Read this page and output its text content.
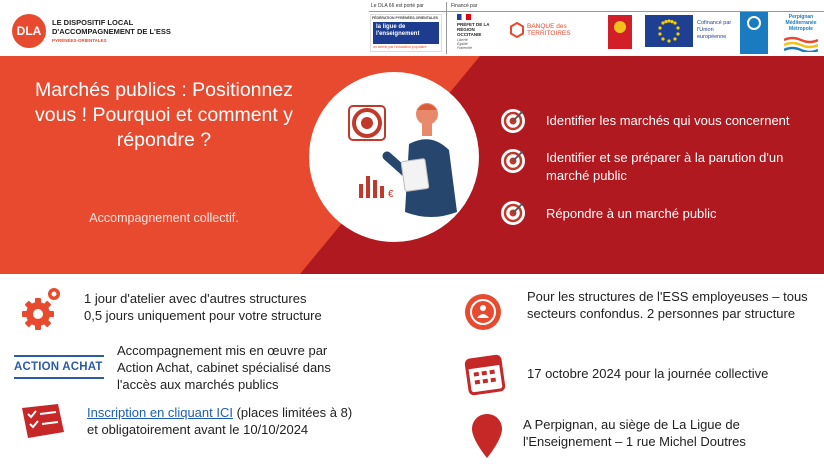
DLA
LE DISPOSITIF LOCAL D'ACCOMPAGNEMENT DE L'ESS
PYRÉNÉES-ORIENTALES
Le DLA 66 est porté par	Financé par
FÉDÉRATION PYRÉNÉES-ORIENTALES
la ligue de l'enseignement
un avenir par l'éducation populaire
PRÉFET DE LA RÉGION OCCITANIE
Liberté Égalité Fraternité
BANQUE des TERRITOIRES
Cofinancé par l'Union européenne
Perpignan Méditerranée Métropole
Marchés publics : Positionnez vous ! Pourquoi et comment y répondre ?
Accompagnement collectif.
€
Identifier les marchés qui vous concernent
Identifier et se préparer à la parution d'un marché public
Répondre à un marché public
1 jour d'atelier avec d'autres structures
0,5 jours uniquement pour votre structure
ACTION ACHAT
Accompagnement mis en œuvre par Action Achat, cabinet spécialisé dans l'accès aux marchés publics
Inscription en cliquant ICI (places limitées à 8) et obligatoirement avant le 10/10/2024
Pour les structures de l'ESS employeuses – tous secteurs confondus. 2 personnes par structure
17 octobre 2024 pour la journée collective
A Perpignan, au siège de La Ligue de l'Enseignement – 1 rue Michel Doutres
